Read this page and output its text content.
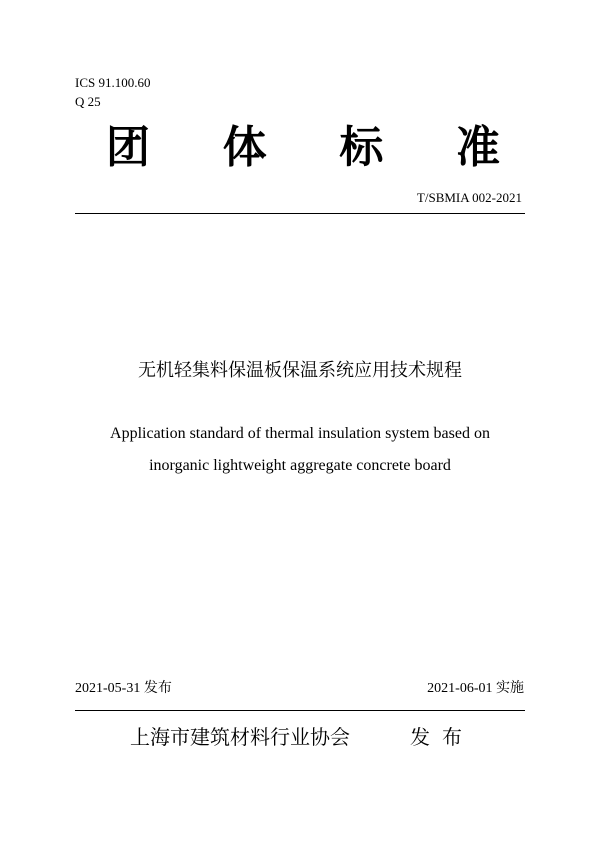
ICS 91.100.60
Q 25
团 体 标 准
T/SBMIA 002-2021
无机轻集料保温板保温系统应用技术规程
Application standard of thermal insulation system based on
inorganic lightweight aggregate concrete board
2021-05-31 发布	2021-06-01 实施
上海市建筑材料行业协会	发布
